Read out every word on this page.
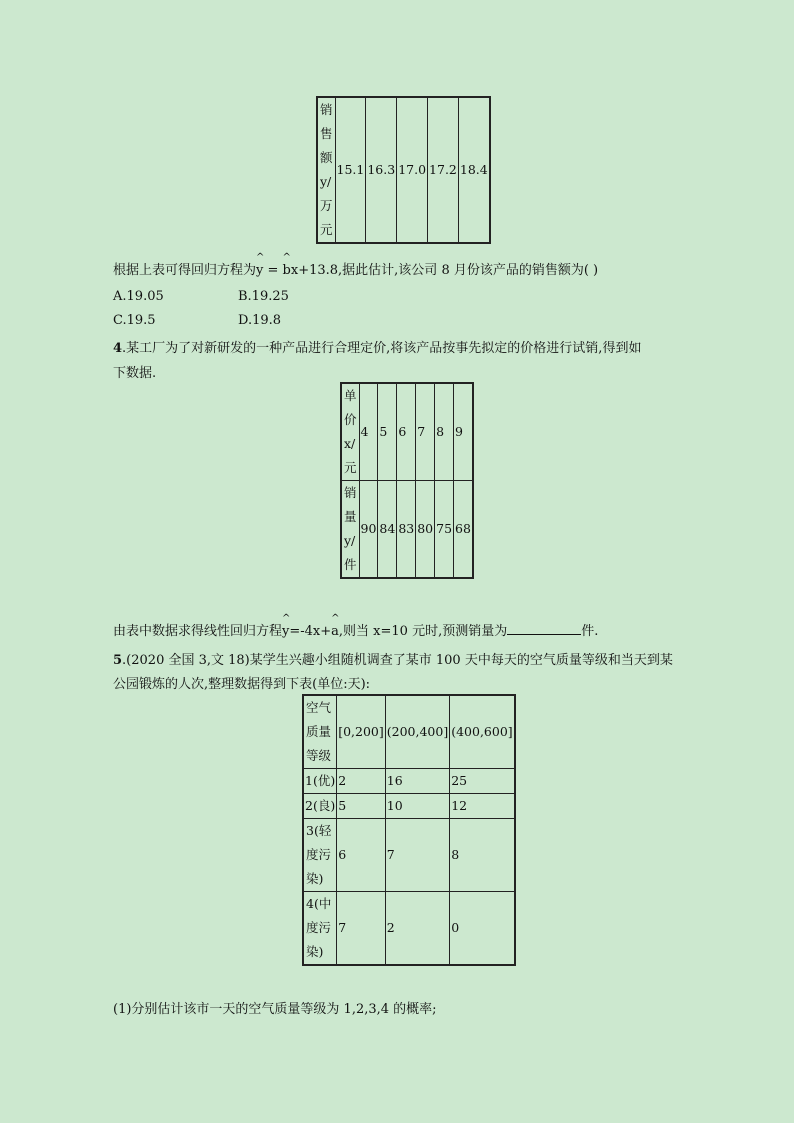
销售额y/万元	15.1	16.3	17.0	17.2	18.4
根据上表可得回归方程为^ y = ^ bx+13.8,据此估计,该公司 8 月份该产品的销售额为( )
A.19.05	B.19.25
C.19.5	D.19.8
4.某工厂为了对新研发的一种产品进行合理定价,将该产品按事先拟定的价格进行试销,得到如
下数据.
单价x/元	4	5	6	7	8	9
销量y/件	90	84	83	80	75	68
由表中数据求得线性回归方程^ y=-4x+^ a,则当 x=10 元时,预测销量为	件.
5.(2020 全国 3,文 18)某学生兴趣小组随机调查了某市 100 天中每天的空气质量等级和当天到某
公园锻炼的人次,整理数据得到下表(单位:天):
空气质量等级	[0,200]	(200,400]	(400,600]
1(优)	2	16	25
2(良)	5	10	12
3(轻度污染)	6	7	8
4(中度污染)	7	2	0
(1)分别估计该市一天的空气质量等级为 1,2,3,4 的概率;
